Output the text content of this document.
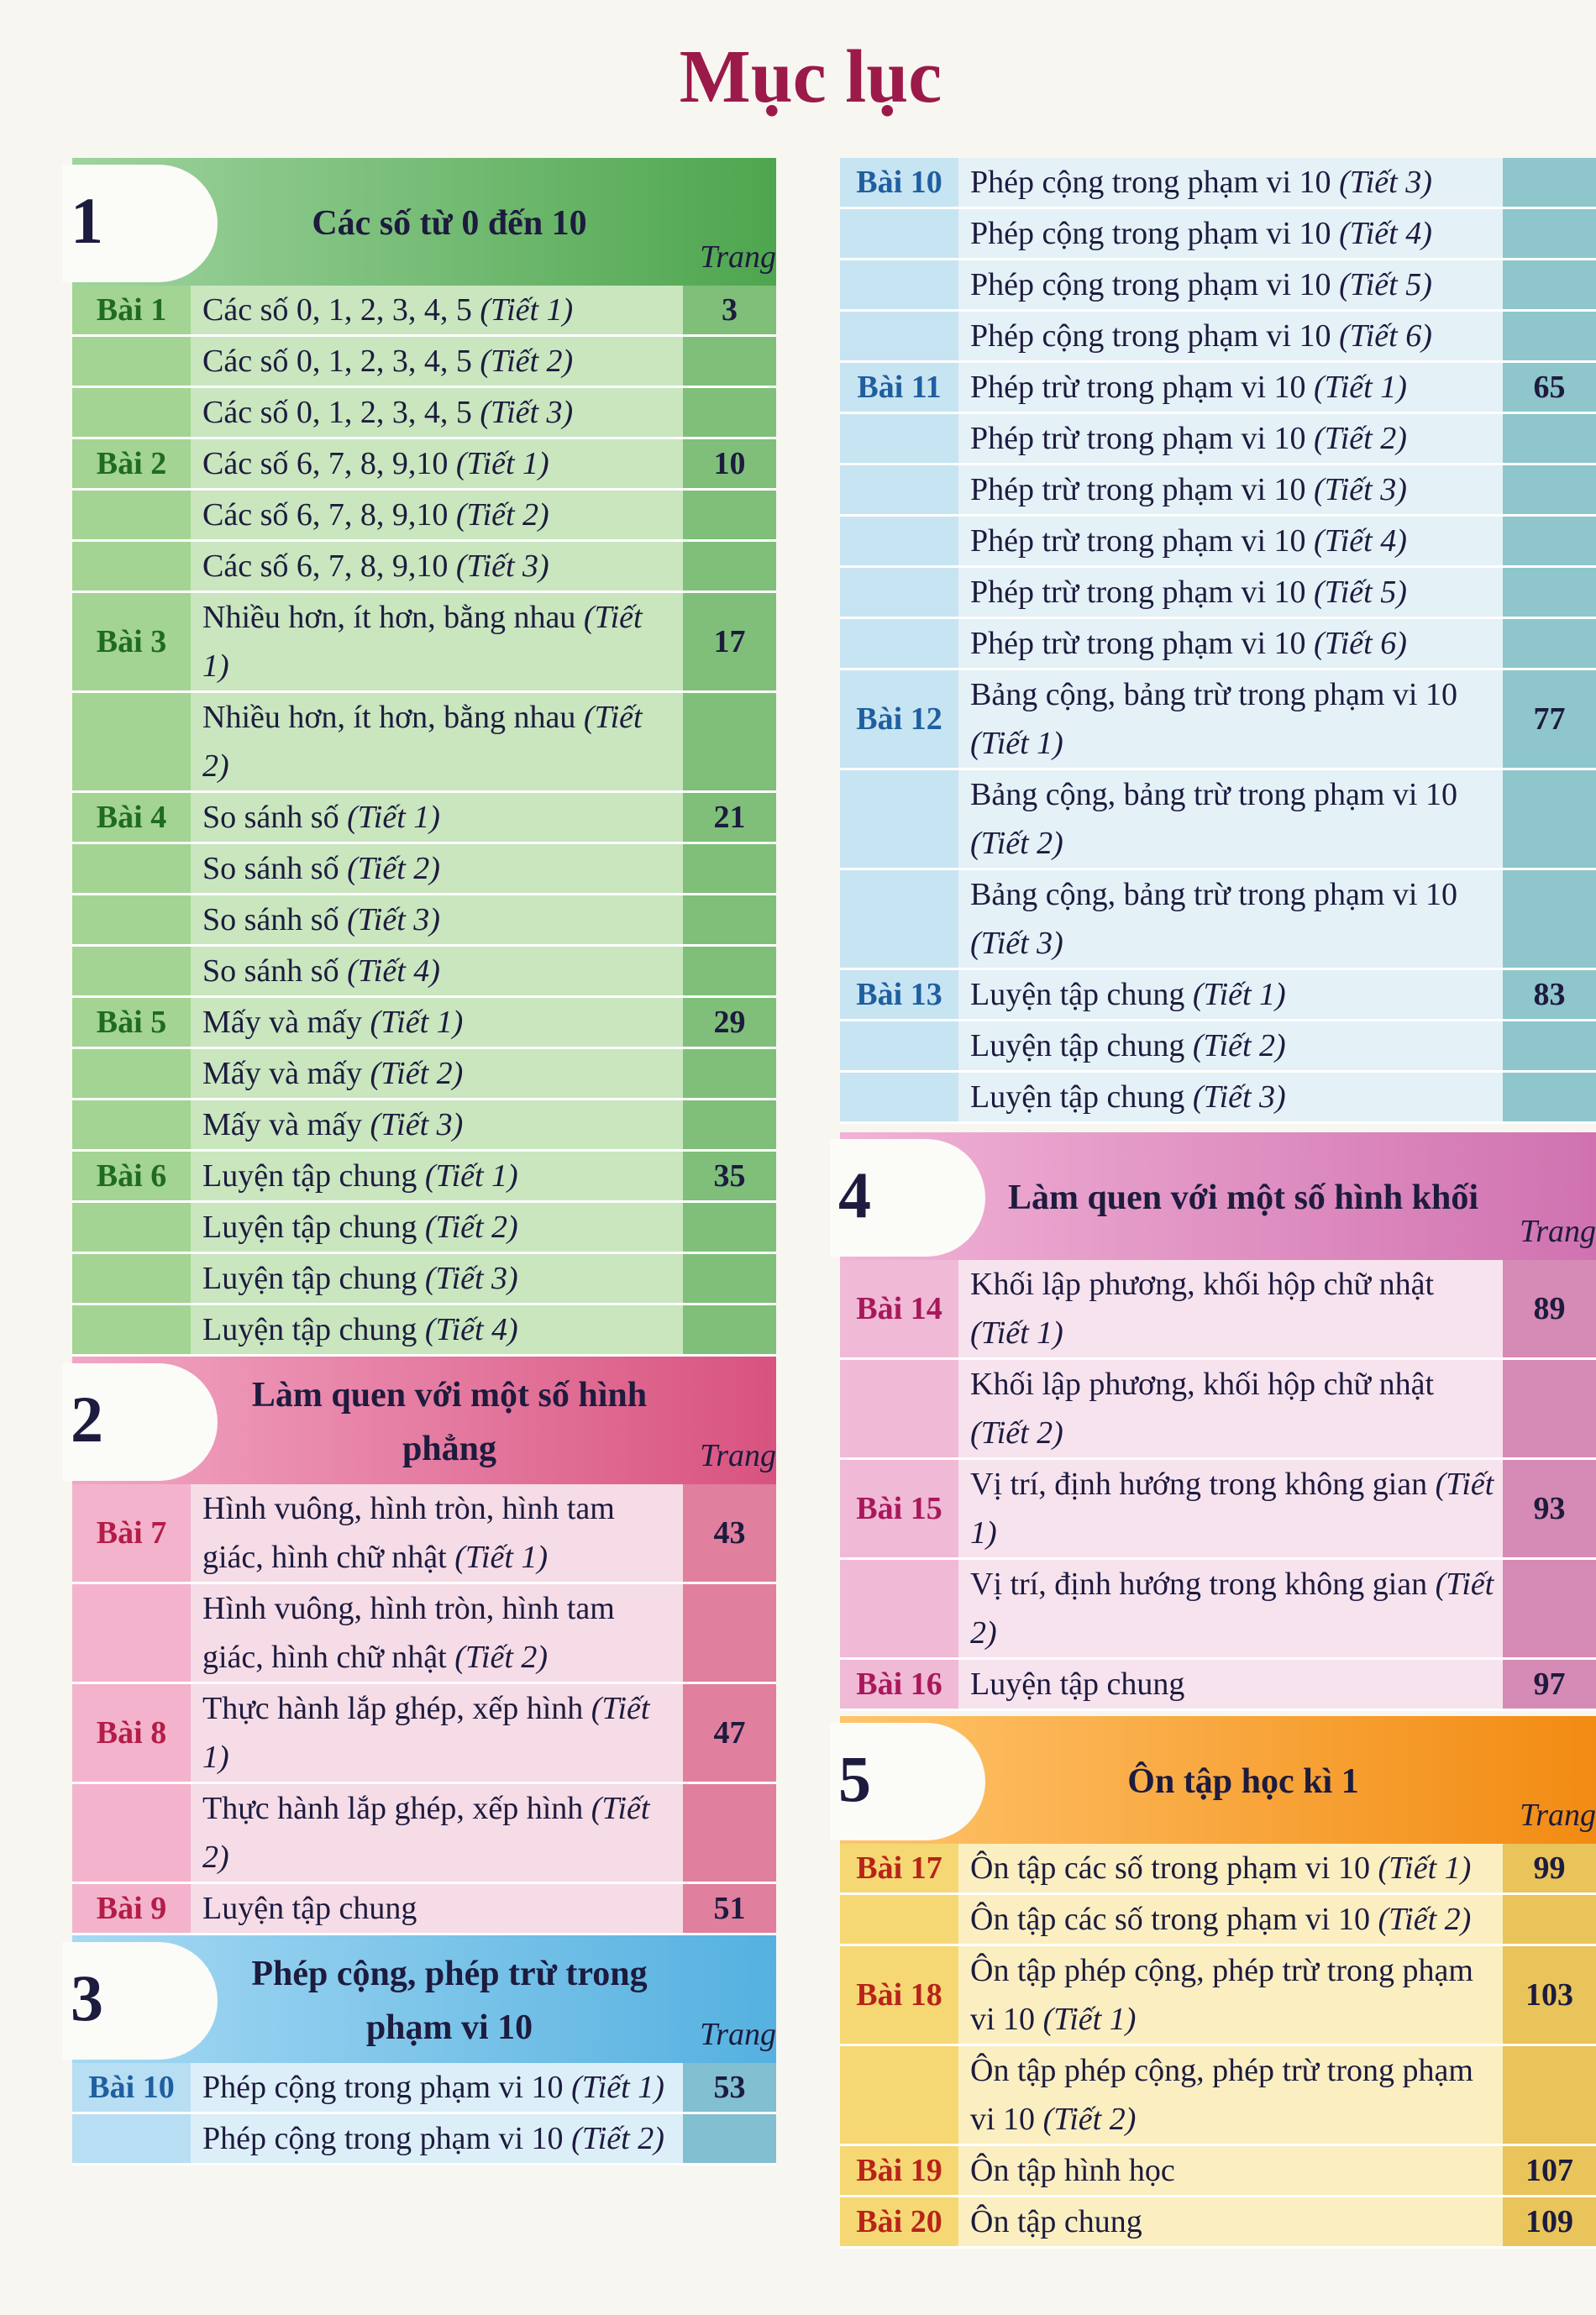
Mục lục
1	Các số từ 0 đến 10
Trang
Bài 1	Các số 0, 1, 2, 3, 4, 5 (Tiết 1)	3
	Các số 0, 1, 2, 3, 4, 5 (Tiết 2)	
	Các số 0, 1, 2, 3, 4, 5 (Tiết 3)	
Bài 2	Các số 6, 7, 8, 9,10 (Tiết 1)	10
	Các số 6, 7, 8, 9,10 (Tiết 2)	
	Các số 6, 7, 8, 9,10 (Tiết 3)	
Bài 3	Nhiều hơn, ít hơn, bằng nhau (Tiết 1)	17
	Nhiều hơn, ít hơn, bằng nhau (Tiết 2)	
Bài 4	So sánh số (Tiết 1)	21
	So sánh số (Tiết 2)	
	So sánh số (Tiết 3)	
	So sánh số (Tiết 4)	
Bài 5	Mấy và mấy (Tiết 1)	29
	Mấy và mấy (Tiết 2)	
	Mấy và mấy (Tiết 3)	
Bài 6	Luyện tập chung (Tiết 1)	35
	Luyện tập chung (Tiết 2)	
	Luyện tập chung (Tiết 3)	
	Luyện tập chung (Tiết 4)	
2	Làm quen với một số hình phẳng	Trang
Bài 7	Hình vuông, hình tròn, hình tam giác, hình chữ nhật (Tiết 1)	43
	Hình vuông, hình tròn, hình tam giác, hình chữ nhật (Tiết 2)	
Bài 8	Thực hành lắp ghép, xếp hình (Tiết 1)	47
	Thực hành lắp ghép, xếp hình (Tiết 2)	
Bài 9	Luyện tập chung	51
3	Phép cộng, phép trừ trong phạm vi 10	Trang
Bài 10	Phép cộng trong phạm vi 10 (Tiết 1)	53
	Phép cộng trong phạm vi 10 (Tiết 2)	
Bài 10	Phép cộng trong phạm vi 10 (Tiết 3)	
	Phép cộng trong phạm vi 10 (Tiết 4)	
	Phép cộng trong phạm vi 10 (Tiết 5)	
	Phép cộng trong phạm vi 10 (Tiết 6)	
Bài 11	Phép trừ trong phạm vi 10 (Tiết 1)	65
	Phép trừ trong phạm vi 10 (Tiết 2)	
	Phép trừ trong phạm vi 10 (Tiết 3)	
	Phép trừ trong phạm vi 10 (Tiết 4)	
	Phép trừ trong phạm vi 10 (Tiết 5)	
	Phép trừ trong phạm vi 10 (Tiết 6)	
Bài 12	Bảng cộng, bảng trừ trong phạm vi 10 (Tiết 1)	77
	Bảng cộng, bảng trừ trong phạm vi 10 (Tiết 2)	
	Bảng cộng, bảng trừ trong phạm vi 10 (Tiết 3)	
Bài 13	Luyện tập chung (Tiết 1)	83
	Luyện tập chung (Tiết 2)	
	Luyện tập chung (Tiết 3)	
4	Làm quen với một số hình khối
Trang
Bài 14	Khối lập phương, khối hộp chữ nhật (Tiết 1)	89
	Khối lập phương, khối hộp chữ nhật (Tiết 2)	
Bài 15	Vị trí, định hướng trong không gian (Tiết 1)	93
	Vị trí, định hướng trong không gian (Tiết 2)	
Bài 16	Luyện tập chung	97
5	Ôn tập học kì 1
Trang
Bài 17	Ôn tập các số trong phạm vi 10 (Tiết 1)	99
	Ôn tập các số trong phạm vi 10 (Tiết 2)	
Bài 18	Ôn tập phép cộng, phép trừ trong phạm vi 10 (Tiết 1)	103
	Ôn tập phép cộng, phép trừ trong phạm vi 10 (Tiết 2)	
Bài 19	Ôn tập hình học	107
Bài 20	Ôn tập chung	109
